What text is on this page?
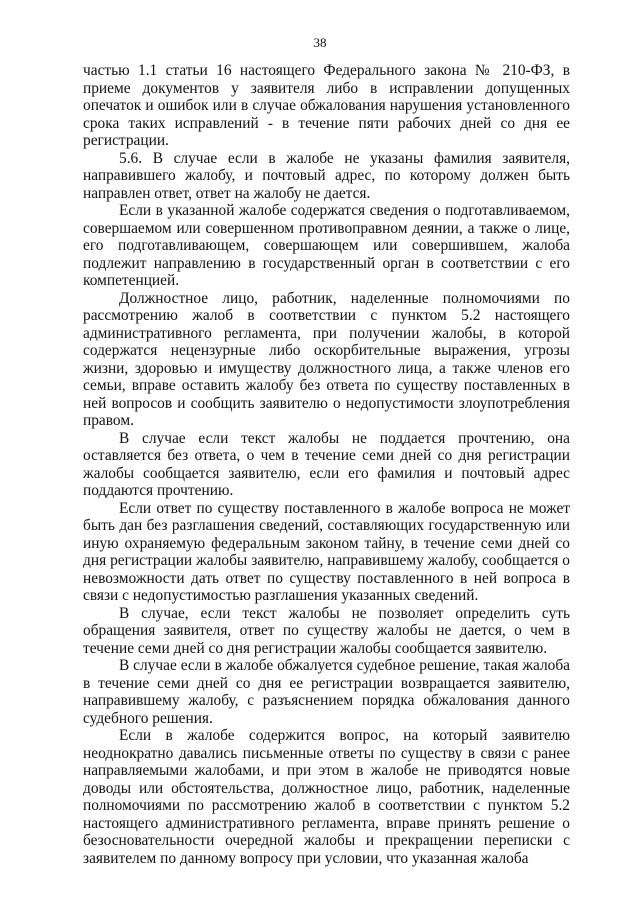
38

частью 1.1 статьи 16 настоящего Федерального закона № 210-ФЗ, в приеме документов у заявителя либо в исправлении допущенных опечаток и ошибок или в случае обжалования нарушения установленного срока таких исправлений - в течение пяти рабочих дней со дня ее регистрации.

5.6. В случае если в жалобе не указаны фамилия заявителя, направившего жалобу, и почтовый адрес, по которому должен быть направлен ответ, ответ на жалобу не дается.

Если в указанной жалобе содержатся сведения о подготавливаемом, совершаемом или совершенном противоправном деянии, а также о лице, его подготавливающем, совершающем или совершившем, жалоба подлежит направлению в государственный орган в соответствии с его компетенцией.

Должностное лицо, работник, наделенные полномочиями по рассмотрению жалоб в соответствии с пунктом 5.2 настоящего административного регламента, при получении жалобы, в которой содержатся нецензурные либо оскорбительные выражения, угрозы жизни, здоровью и имуществу должностного лица, а также членов его семьи, вправе оставить жалобу без ответа по существу поставленных в ней вопросов и сообщить заявителю о недопустимости злоупотребления правом.

В случае если текст жалобы не поддается прочтению, она оставляется без ответа, о чем в течение семи дней со дня регистрации жалобы сообщается заявителю, если его фамилия и почтовый адрес поддаются прочтению.

Если ответ по существу поставленного в жалобе вопроса не может быть дан без разглашения сведений, составляющих государственную или иную охраняемую федеральным законом тайну, в течение семи дней со дня регистрации жалобы заявителю, направившему жалобу, сообщается о невозможности дать ответ по существу поставленного в ней вопроса в связи с недопустимостью разглашения указанных сведений.

В случае, если текст жалобы не позволяет определить суть обращения заявителя, ответ по существу жалобы не дается, о чем в течение семи дней со дня регистрации жалобы сообщается заявителю.

В случае если в жалобе обжалуется судебное решение, такая жалоба в течение семи дней со дня ее регистрации возвращается заявителю, направившему жалобу, с разъяснением порядка обжалования данного судебного решения.

Если в жалобе содержится вопрос, на который заявителю неоднократно давались письменные ответы по существу в связи с ранее направляемыми жалобами, и при этом в жалобе не приводятся новые доводы или обстоятельства, должностное лицо, работник, наделенные полномочиями по рассмотрению жалоб в соответствии с пунктом 5.2 настоящего административного регламента, вправе принять решение о безосновательности очередной жалобы и прекращении переписки с заявителем по данному вопросу при условии, что указанная жалоба
